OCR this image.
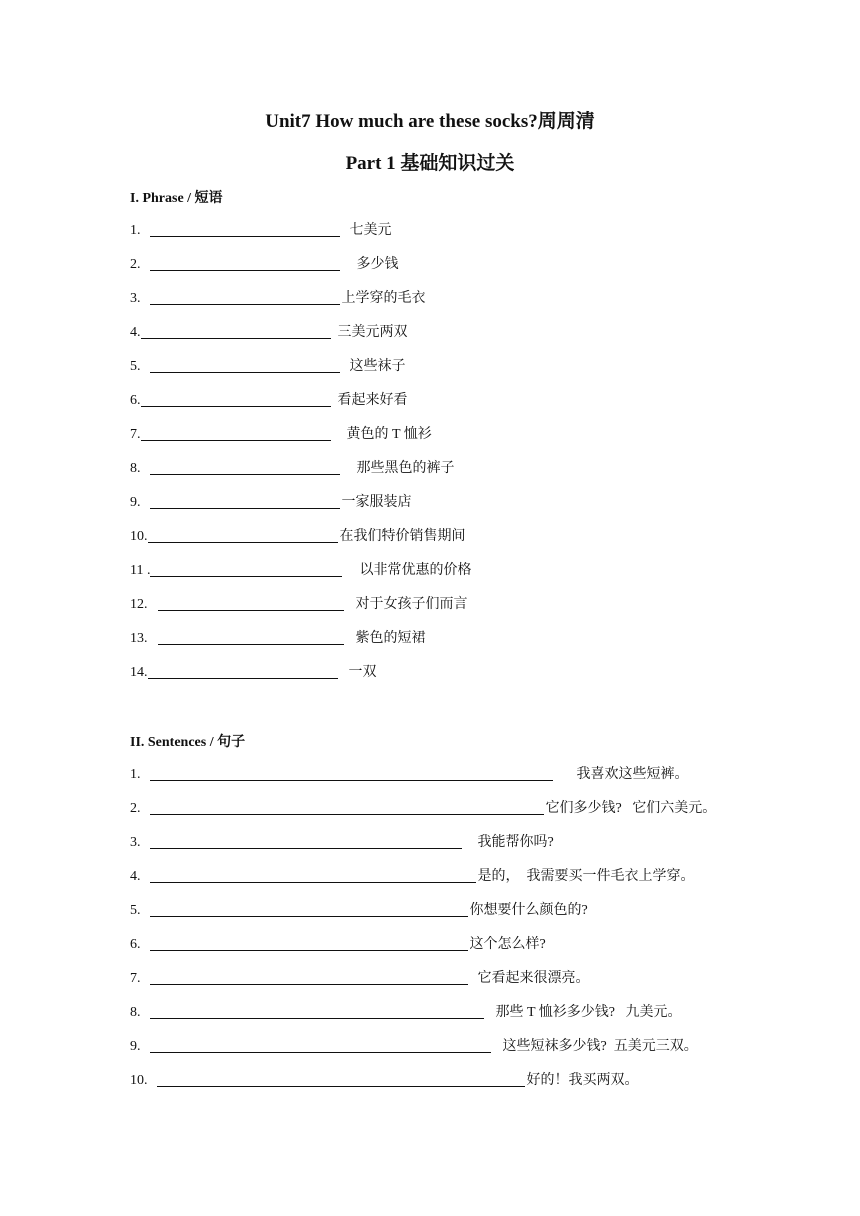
Unit7 How much are these socks?周周清
Part 1 基础知识过关
I. Phrase / 短语
1.	七美元
2.	多少钱
3.	上学穿的毛衣
4.	三美元两双
5.	这些袜子
6.	看起来好看
7.	黄色的 T 恤衫
8.	那些黑色的裤子
9.	一家服装店
10.	在我们特价销售期间
11 .	以非常优惠的价格
12.	对于女孩子们而言
13.	紫色的短裙
14.	一双
II. Sentences / 句子
1.	我喜欢这些短裤。
2.	它们多少钱?   它们六美元。
3.	我能帮你吗?
4.	是的，  我需要买一件毛衣上学穿。
5.	你想要什么颜色的?
6.	这个怎么样?
7.	它看起来很漂亮。
8.	那些 T 恤衫多少钱?   九美元。
9.	这些短袜多少钱?  五美元三双。
10.	好的！我买两双。
